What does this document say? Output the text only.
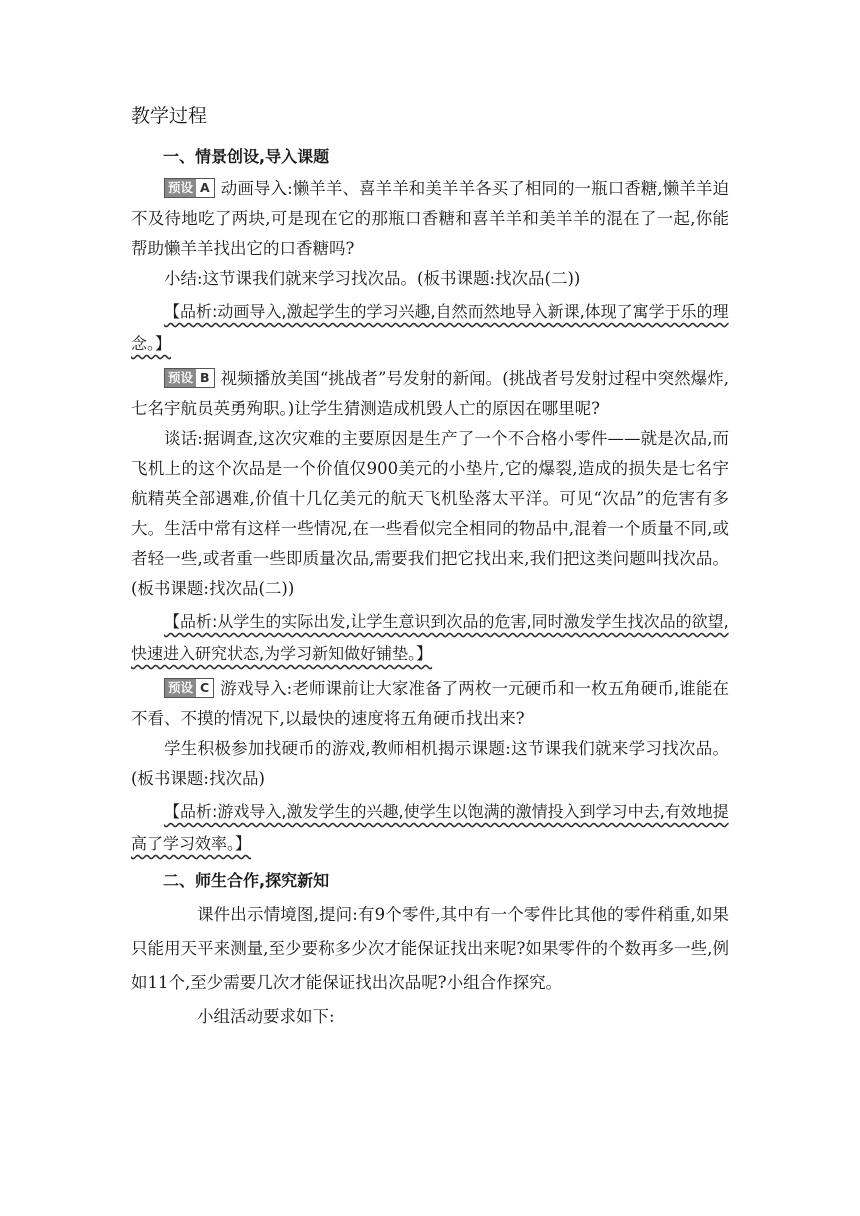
教学过程
一、情景创设,导入课题

预设 A 动画导入:懒羊羊、喜羊羊和美羊羊各买了相同的一瓶口香糖,懒羊羊迫不及待地吃了两块,可是现在它的那瓶口香糖和喜羊羊和美羊羊的混在了一起,你能帮助懒羊羊找出它的口香糖吗?

小结:这节课我们就来学习找次品。(板书课题:找次品(二))

【品析:动画导入,激起学生的学习兴趣,自然而然地导入新课,体现了寓学于乐的理念。】

预设 B 视频播放美国“挑战者”号发射的新闻。(挑战者号发射过程中突然爆炸,七名宇航员英勇殉职。)让学生猜测造成机毁人亡的原因在哪里呢?

谈话:据调查,这次灾难的主要原因是生产了一个不合格小零件——就是次品,而飞机上的这个次品是一个价值仅900美元的小垫片,它的爆裂,造成的损失是七名宇航精英全部遇难,价值十几亿美元的航天飞机坠落太平洋。可见“次品”的危害有多大。生活中常有这样一些情况,在一些看似完全相同的物品中,混着一个质量不同,或者轻一些,或者重一些即质量次品,需要我们把它找出来,我们把这类问题叫找次品。(板书课题:找次品(二))

【品析:从学生的实际出发,让学生意识到次品的危害,同时激发学生找次品的欲望,快速进入研究状态,为学习新知做好铺垫。】

预设 C 游戏导入:老师课前让大家准备了两枚一元硬币和一枚五角硬币,谁能在不看、不摸的情况下,以最快的速度将五角硬币找出来?

学生积极参加找硬币的游戏,教师相机揭示课题:这节课我们就来学习找次品。(板书课题:找次品)

【品析:游戏导入,激发学生的兴趣,使学生以饱满的激情投入到学习中去,有效地提高了学习效率。】

二、师生合作,探究新知

课件出示情境图,提问:有9个零件,其中有一个零件比其他的零件稍重,如果只能用天平来测量,至少要称多少次才能保证找出来呢?如果零件的个数再多一些,例如11个,至少需要几次才能保证找出次品呢?小组合作探究。

小组活动要求如下:
